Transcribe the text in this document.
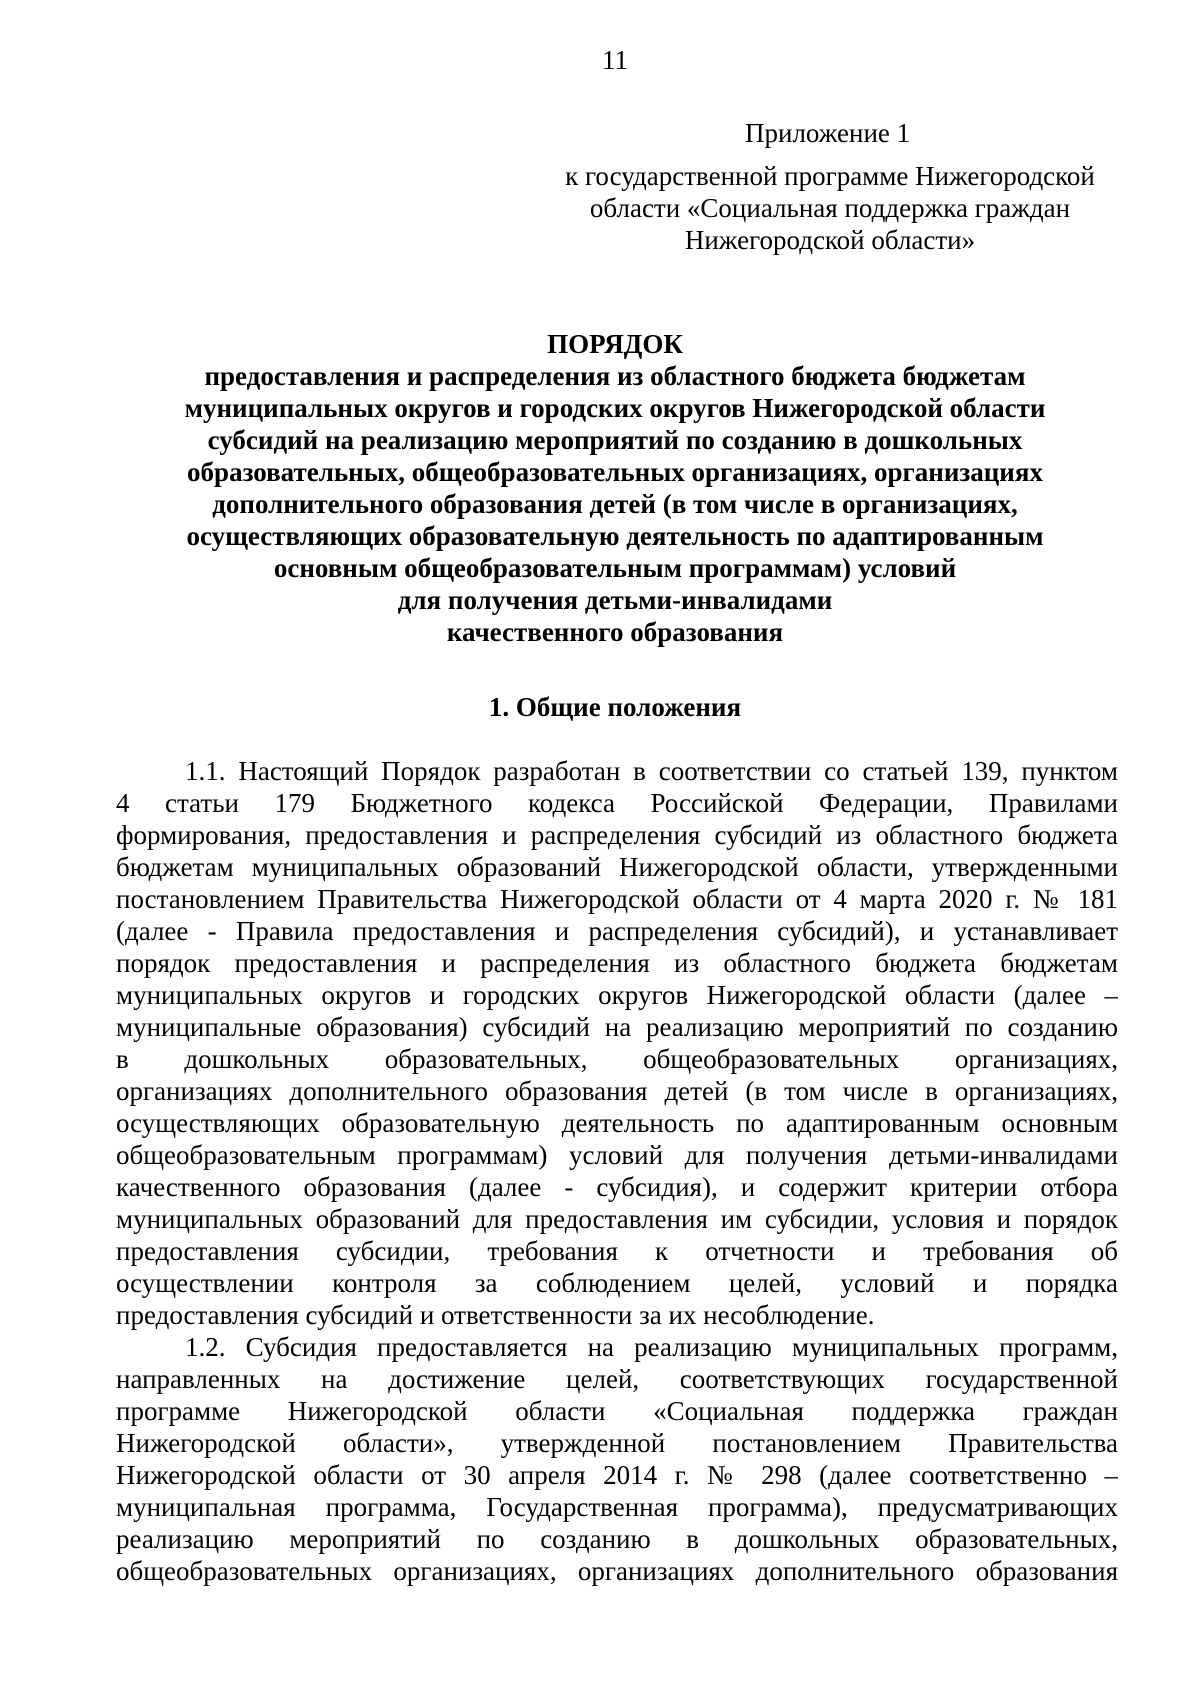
11
Приложение 1
к государственной программе Нижегородской
области «Социальная поддержка граждан
Нижегородской области»
ПОРЯДОК
предоставления и распределения из областного бюджета бюджетам
муниципальных округов и городских округов Нижегородской области
субсидий на реализацию мероприятий по созданию в дошкольных
образовательных, общеобразовательных организациях, организациях
дополнительного образования детей (в том числе в организациях,
осуществляющих образовательную деятельность по адаптированным
основным общеобразовательным программам) условий
для получения детьми-инвалидами
качественного образования
1. Общие положения
1.1. Настоящий Порядок разработан в соответствии со статьей 139, пунктом
4 статьи 179 Бюджетного кодекса Российской Федерации, Правилами
формирования, предоставления и распределения субсидий из областного бюджета
бюджетам муниципальных образований Нижегородской области, утвержденными
постановлением Правительства Нижегородской области от 4 марта 2020 г. № 181
(далее - Правила предоставления и распределения субсидий), и устанавливает
порядок предоставления и распределения из областного бюджета бюджетам
муниципальных округов и городских округов Нижегородской области (далее –
муниципальные образования) субсидий на реализацию мероприятий по созданию
в дошкольных образовательных, общеобразовательных организациях,
организациях дополнительного образования детей (в том числе в организациях,
осуществляющих образовательную деятельность по адаптированным основным
общеобразовательным программам) условий для получения детьми-инвалидами
качественного образования (далее - субсидия), и содержит критерии отбора
муниципальных образований для предоставления им субсидии, условия и порядок
предоставления субсидии, требования к отчетности и требования об
осуществлении контроля за соблюдением целей, условий и порядка
предоставления субсидий и ответственности за их несоблюдение.
1.2. Субсидия предоставляется на реализацию муниципальных программ,
направленных на достижение целей, соответствующих государственной
программе Нижегородской области «Социальная поддержка граждан
Нижегородской области», утвержденной постановлением Правительства
Нижегородской области от 30 апреля 2014 г. № 298 (далее соответственно –
муниципальная программа, Государственная программа), предусматривающих
реализацию мероприятий по созданию в дошкольных образовательных,
общеобразовательных организациях, организациях дополнительного образования
